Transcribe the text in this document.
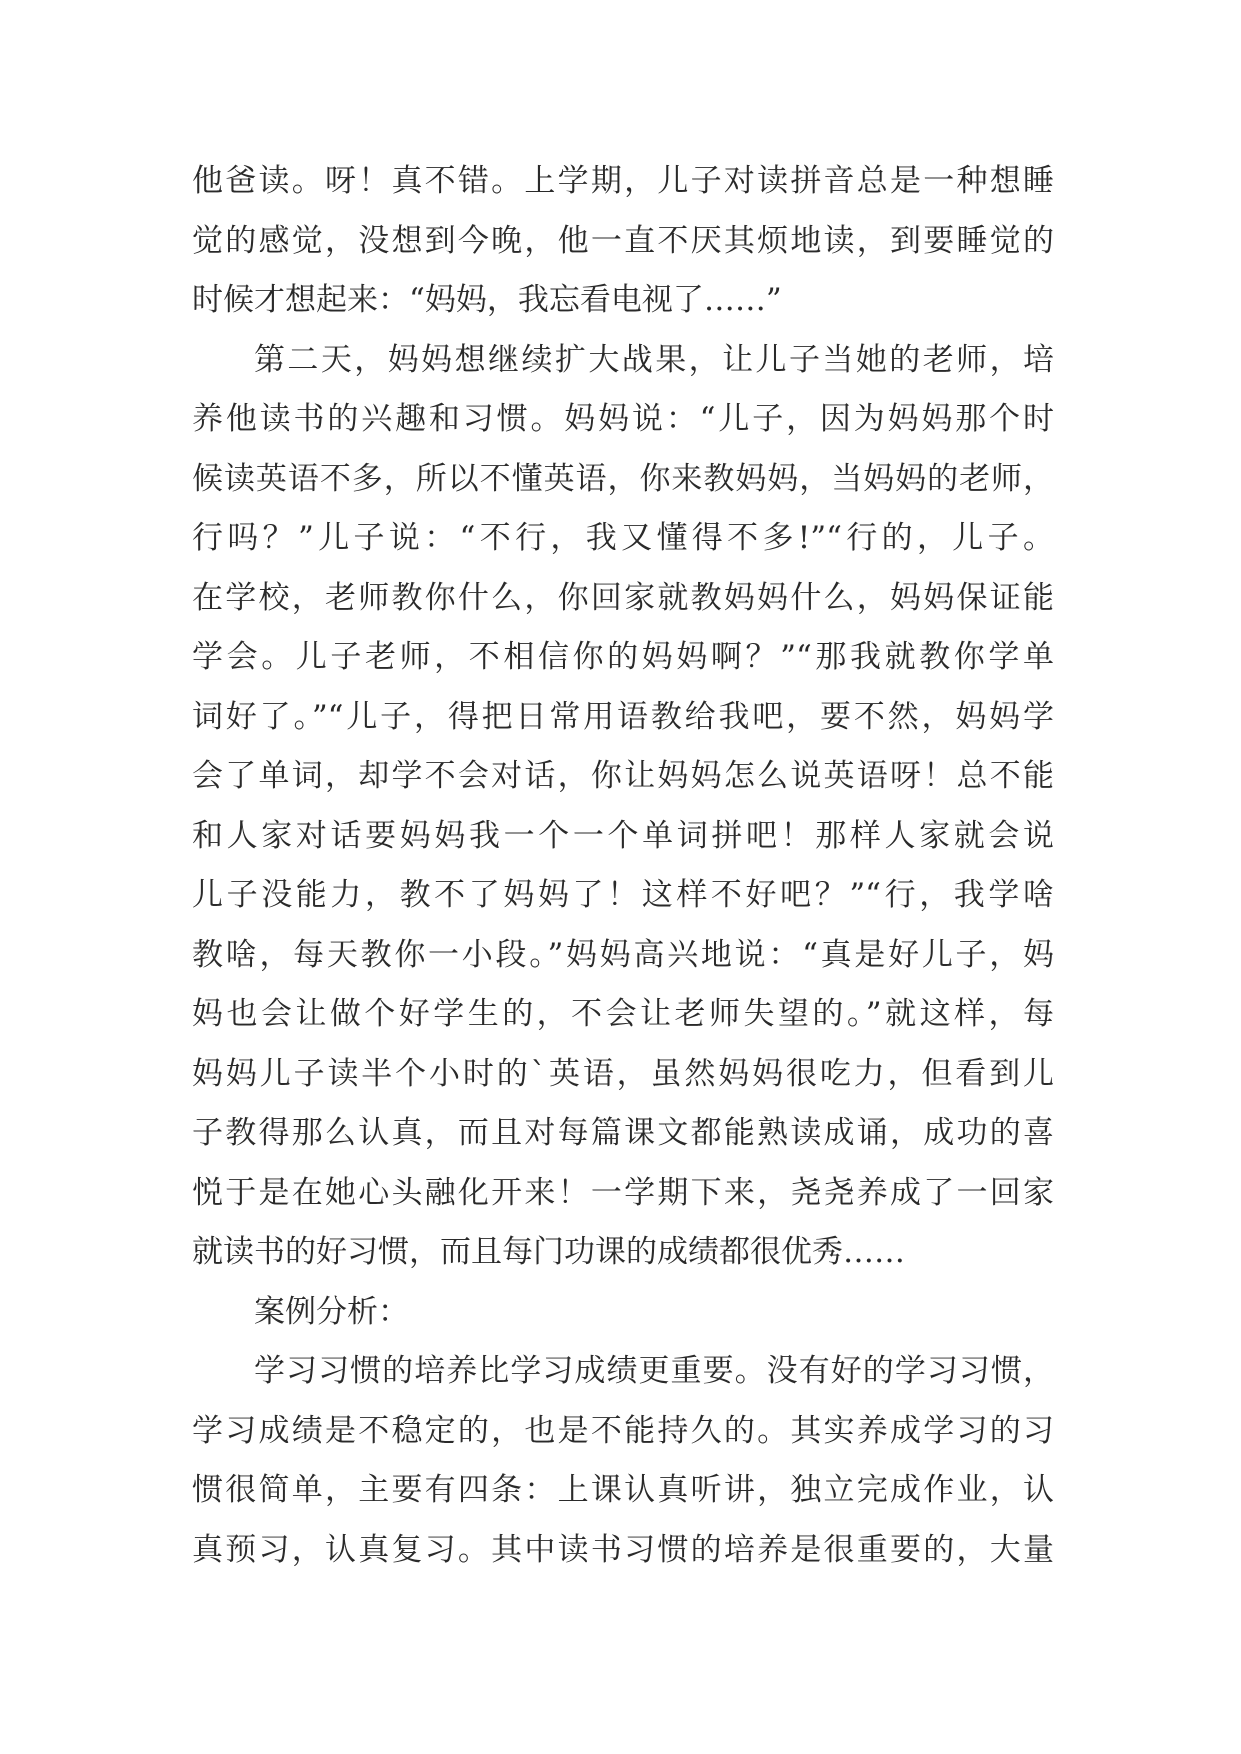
他爸读。呀！真不错。上学期，儿子对读拼音总是一种想睡
觉的感觉，没想到今晚，他一直不厌其烦地读，到要睡觉的
时候才想起来：“妈妈，我忘看电视了……”
第二天，妈妈想继续扩大战果，让儿子当她的老师，培
养他读书的兴趣和习惯。妈妈说：“儿子，因为妈妈那个时
候读英语不多，所以不懂英语，你来教妈妈，当妈妈的老师，
行吗？”儿子说：“不行，我又懂得不多!”“行的，儿子。
在学校，老师教你什么，你回家就教妈妈什么，妈妈保证能
学会。儿子老师，不相信你的妈妈啊？”“那我就教你学单
词好了。”“儿子，得把日常用语教给我吧，要不然，妈妈学
会了单词，却学不会对话，你让妈妈怎么说英语呀！总不能
和人家对话要妈妈我一个一个单词拼吧！那样人家就会说
儿子没能力，教不了妈妈了！这样不好吧？”“行，我学啥
教啥，每天教你一小段。”妈妈高兴地说：“真是好儿子，妈
妈也会让做个好学生的，不会让老师失望的。”就这样，每
妈妈儿子读半个小时的`英语，虽然妈妈很吃力，但看到儿
子教得那么认真，而且对每篇课文都能熟读成诵，成功的喜
悦于是在她心头融化开来！一学期下来，尧尧养成了一回家
就读书的好习惯，而且每门功课的成绩都很优秀……
案例分析：
学习习惯的培养比学习成绩更重要。没有好的学习习惯，
学习成绩是不稳定的，也是不能持久的。其实养成学习的习
惯很简单，主要有四条：上课认真听讲，独立完成作业，认
真预习，认真复习。其中读书习惯的培养是很重要的，大量
